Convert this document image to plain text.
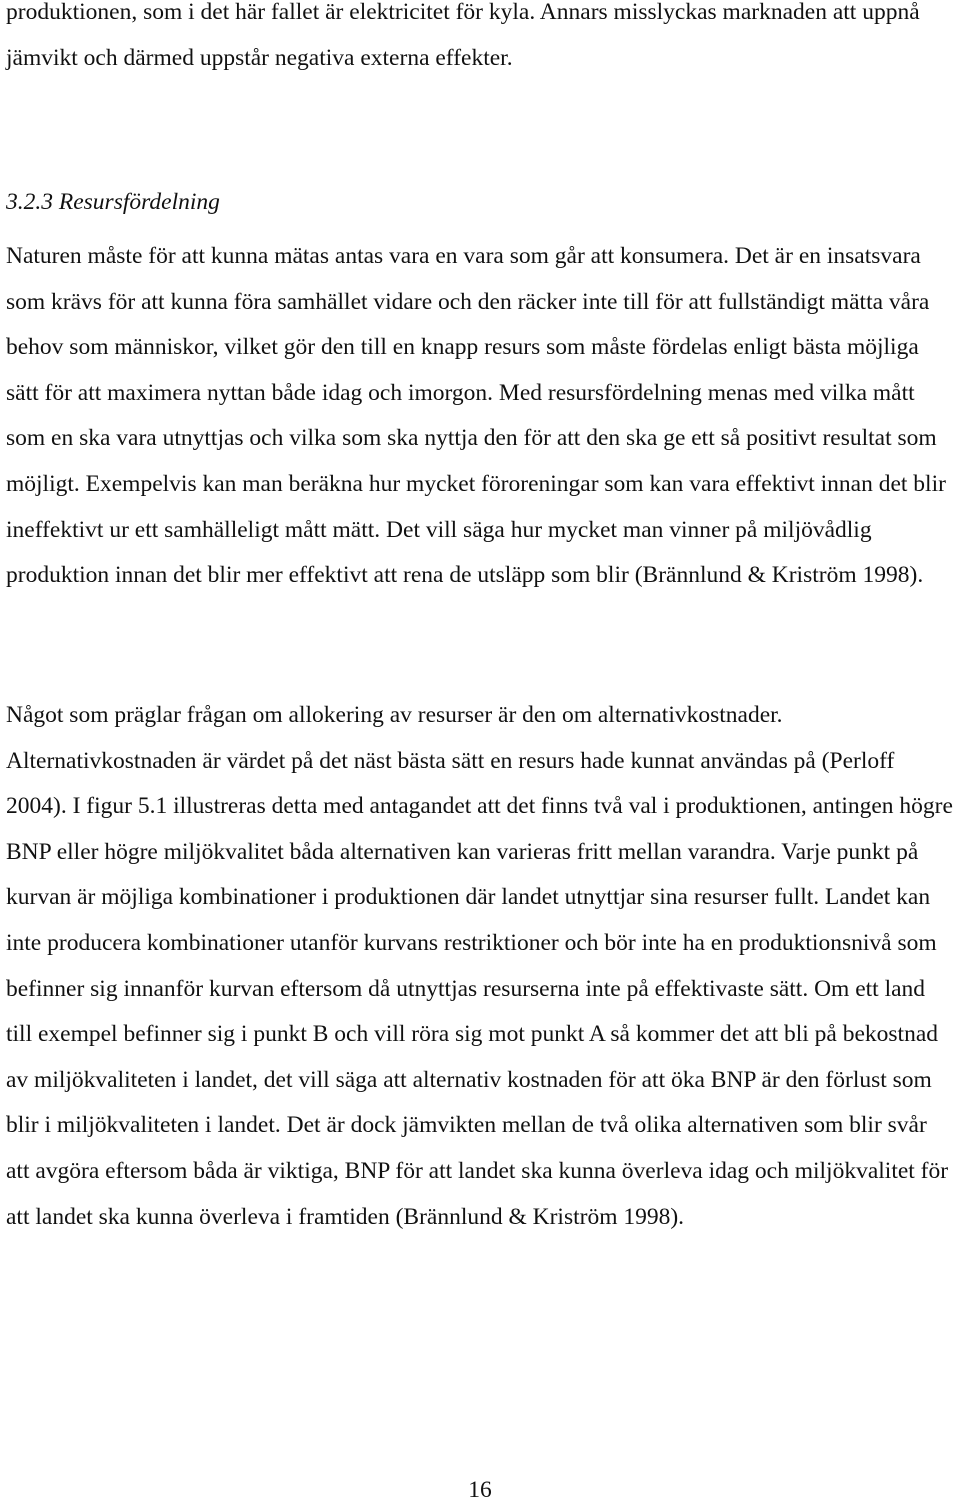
produktionen, som i det här fallet är elektricitet för kyla. Annars misslyckas marknaden att uppnå jämvikt och därmed uppstår negativa externa effekter.

3.2.3 Resursfördelning

Naturen måste för att kunna mätas antas vara en vara som går att konsumera. Det är en insatsvara som krävs för att kunna föra samhället vidare och den räcker inte till för att fullständigt mätta våra behov som människor, vilket gör den till en knapp resurs som måste fördelas enligt bästa möjliga sätt för att maximera nyttan både idag och imorgon. Med resursfördelning menas med vilka mått som en ska vara utnyttjas och vilka som ska nyttja den för att den ska ge ett så positivt resultat som möjligt. Exempelvis kan man beräkna hur mycket föroreningar som kan vara effektivt innan det blir ineffektivt ur ett samhälleligt mått mätt. Det vill säga hur mycket man vinner på miljövådlig produktion innan det blir mer effektivt att rena de utsläpp som blir (Brännlund & Kriström 1998).

Något som präglar frågan om allokering av resurser är den om alternativkostnader. Alternativkostnaden är värdet på det näst bästa sätt en resurs hade kunnat användas på (Perloff 2004). I figur 5.1 illustreras detta med antagandet att det finns två val i produktionen, antingen högre BNP eller högre miljökvalitet båda alternativen kan varieras fritt mellan varandra. Varje punkt på kurvan är möjliga kombinationer i produktionen där landet utnyttjar sina resurser fullt. Landet kan inte producera kombinationer utanför kurvans restriktioner och bör inte ha en produktionsnivå som befinner sig innanför kurvan eftersom då utnyttjas resurserna inte på effektivaste sätt. Om ett land till exempel befinner sig i punkt B och vill röra sig mot punkt A så kommer det att bli på bekostnad av miljökvaliteten i landet, det vill säga att alternativ kostnaden för att öka BNP är den förlust som blir i miljökvaliteten i landet. Det är dock jämvikten mellan de två olika alternativen som blir svår att avgöra eftersom båda är viktiga, BNP för att landet ska kunna överleva idag och miljökvalitet för att landet ska kunna överleva i framtiden (Brännlund & Kriström 1998).

16
